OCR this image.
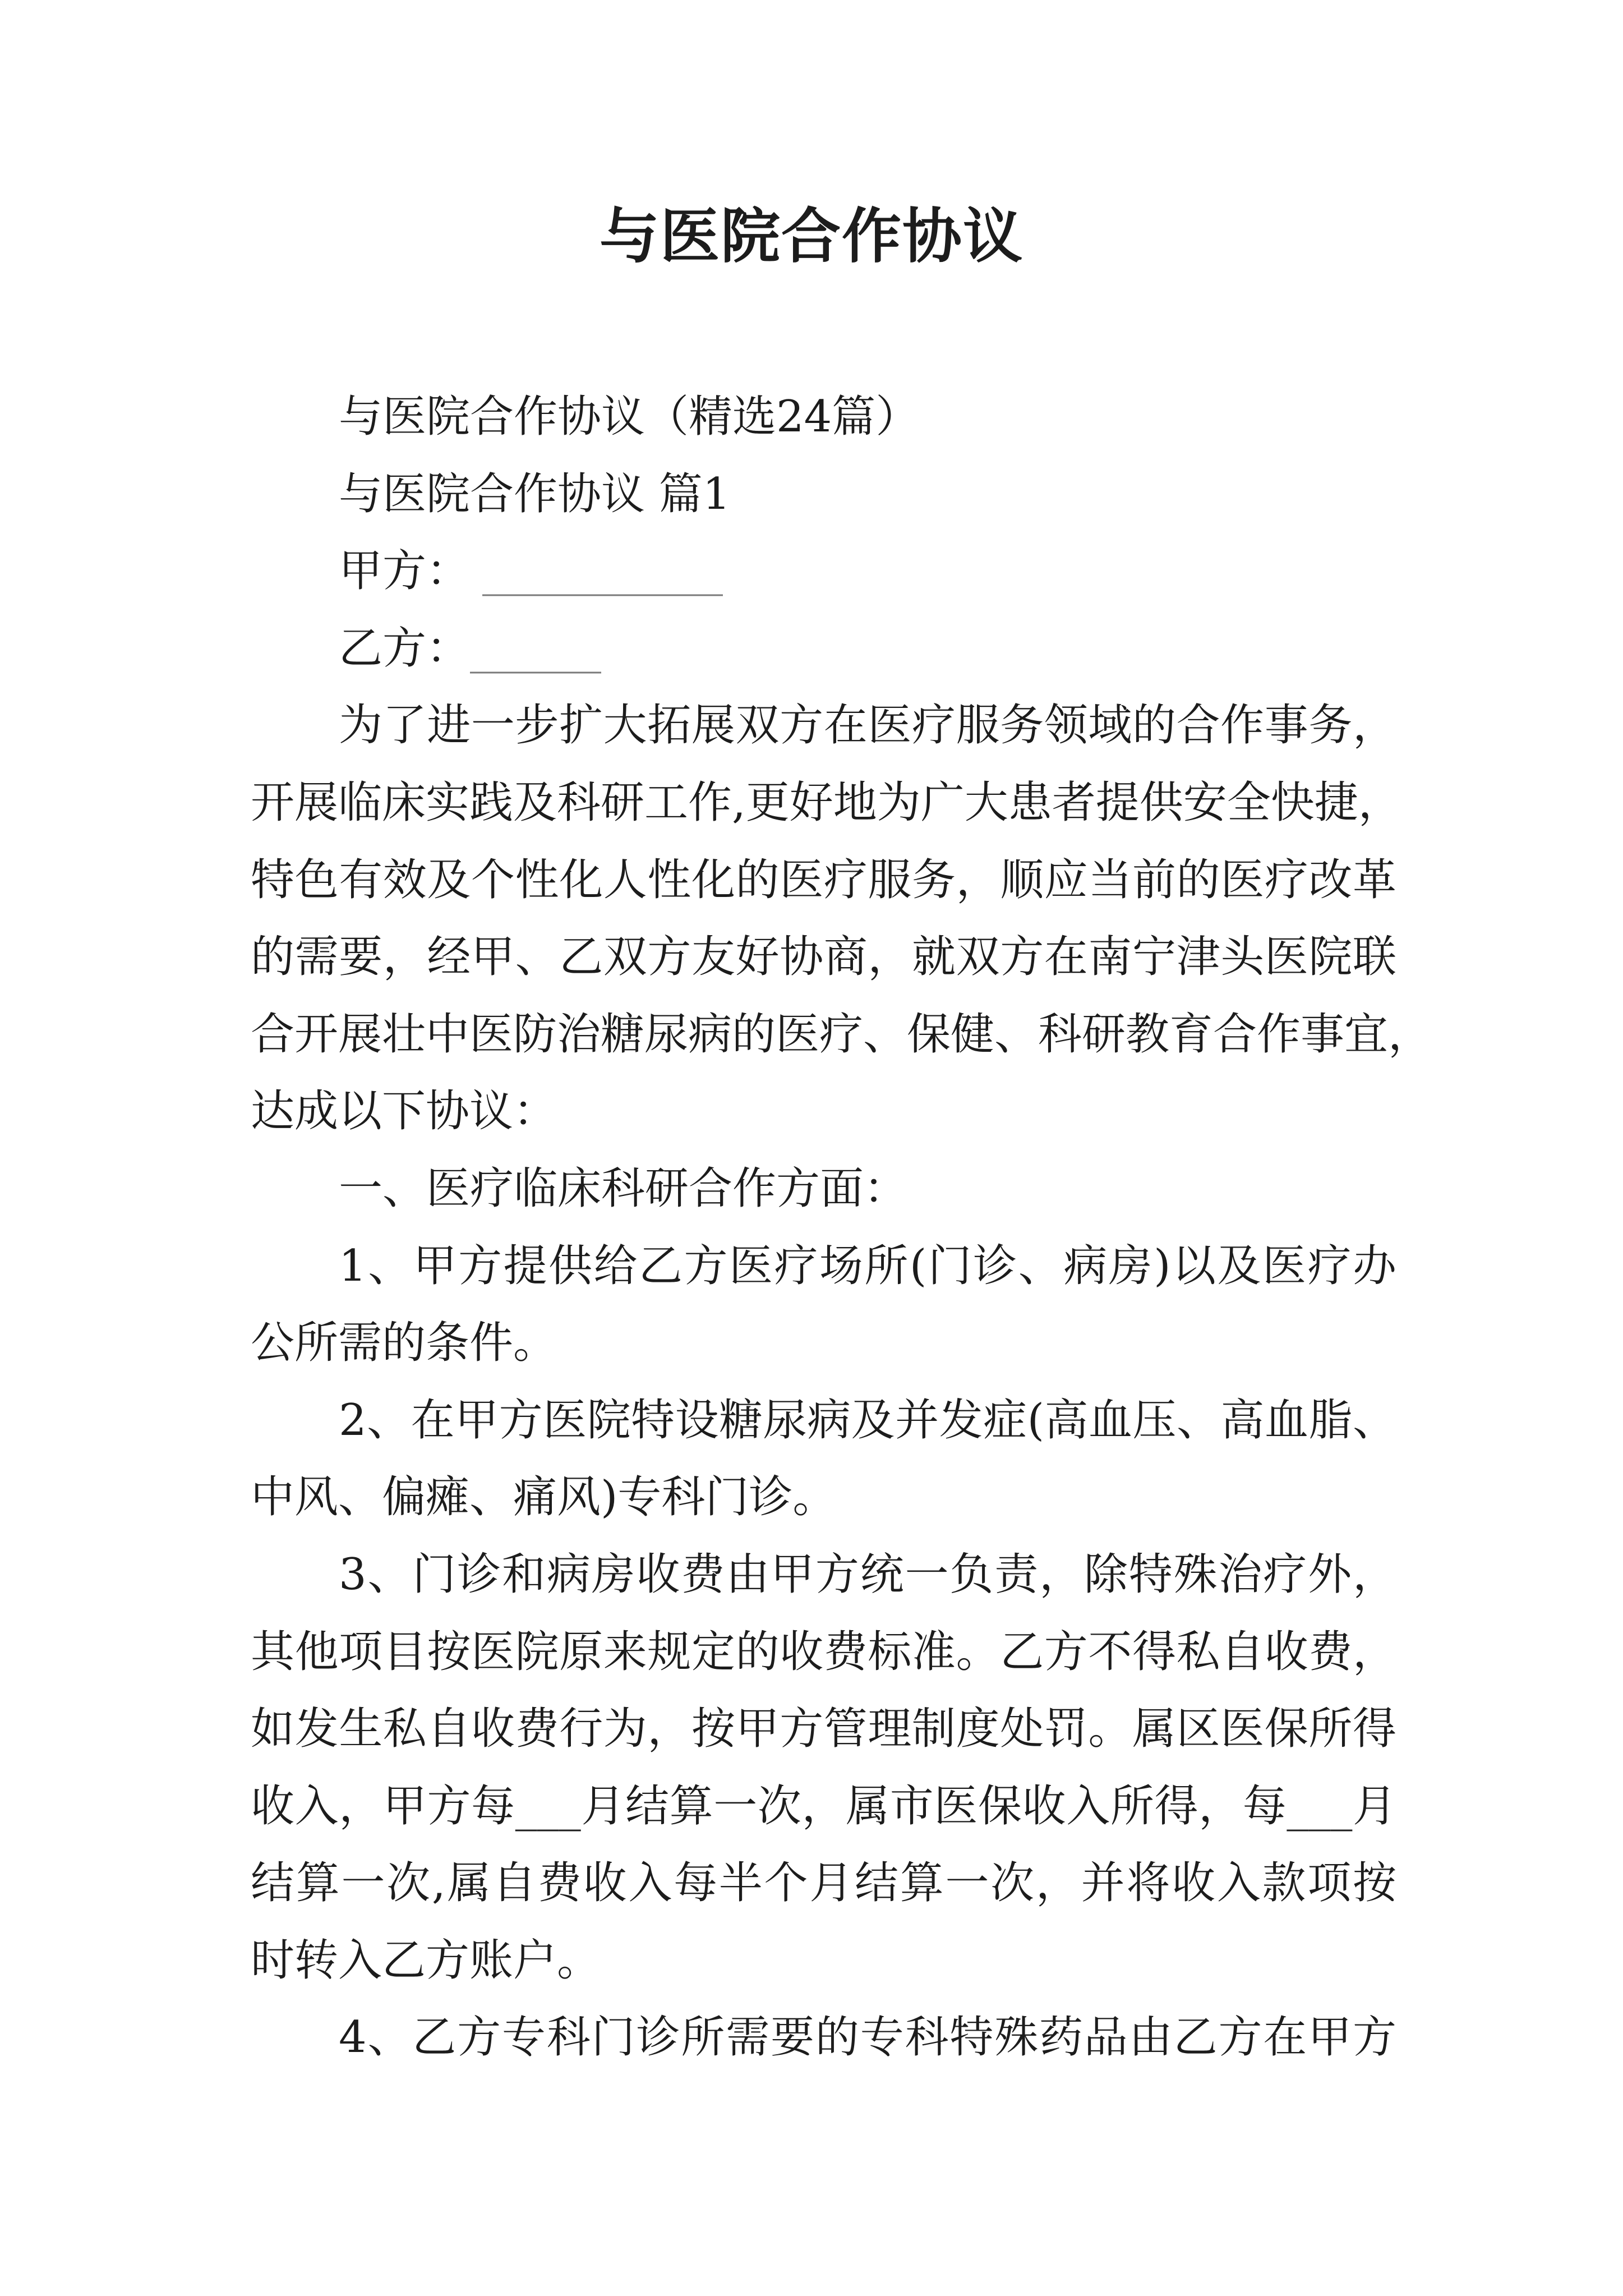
与医院合作协议
与医院合作协议（精选24篇）
与医院合作协议 篇1
甲方： ___________
乙方：______
为了进一步扩大拓展双方在医疗服务领域的合作事务，
开展临床实践及科研工作,更好地为广大患者提供安全快捷，
特色有效及个性化人性化的医疗服务，顺应当前的医疗改革
的需要，经甲、乙双方友好协商，就双方在南宁津头医院联
合开展壮中医防治糖尿病的医疗、保健、科研教育合作事宜，
达成以下协议：
一、医疗临床科研合作方面：
1、甲方提供给乙方医疗场所(门诊、病房)以及医疗办
公所需的条件。
2、在甲方医院特设糖尿病及并发症(高血压、高血脂、
中风、偏瘫、痛风)专科门诊。
3、门诊和病房收费由甲方统一负责，除特殊治疗外，
其他项目按医院原来规定的收费标准。乙方不得私自收费，
如发生私自收费行为，按甲方管理制度处罚。属区医保所得
收入，甲方每___月结算一次，属市医保收入所得，每___月
结算一次,属自费收入每半个月结算一次，并将收入款项按
时转入乙方账户。
4、乙方专科门诊所需要的专科特殊药品由乙方在甲方
